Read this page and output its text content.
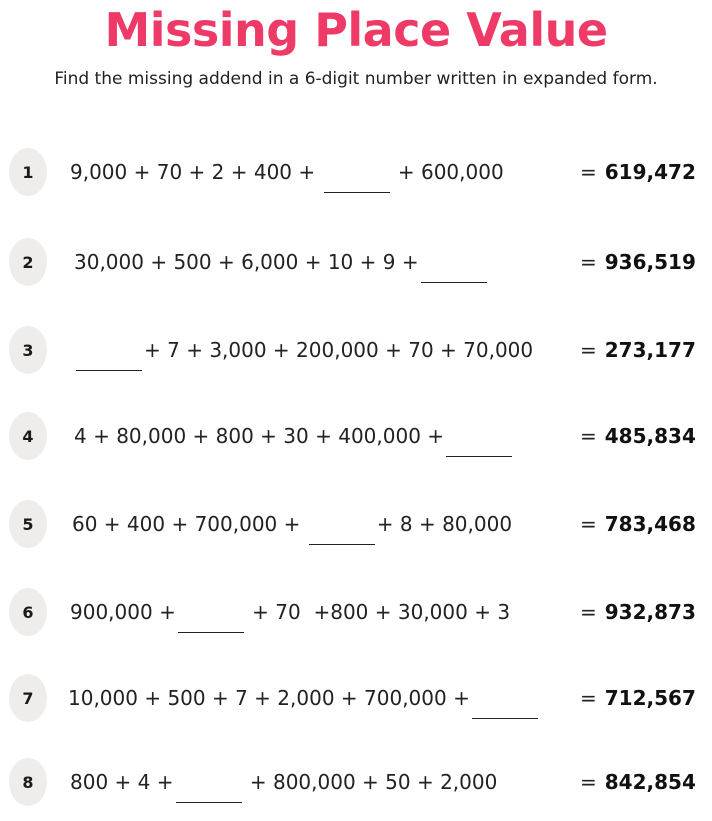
Missing Place Value
Find the missing addend in a 6-digit number written in expanded form.
1	9,000 + 70 + 2 + 400 +	+ 600,000	= 619,472
2	30,000 + 500 + 6,000 + 10 + 9 +	= 936,519
3	+ 7 + 3,000 + 200,000 + 70 + 70,000 = 273,177
4	4 + 80,000 + 800 + 30 + 400,000 +	= 485,834
5	60 + 400 + 700,000 +	+ 8 + 80,000	= 783,468
6	900,000 +	+ 70  +800 + 30,000 + 3	= 932,873
7	10,000 + 500 + 7 + 2,000 + 700,000 +	= 712,567
8	800 + 4 +	+ 800,000 + 50 + 2,000	= 842,854
